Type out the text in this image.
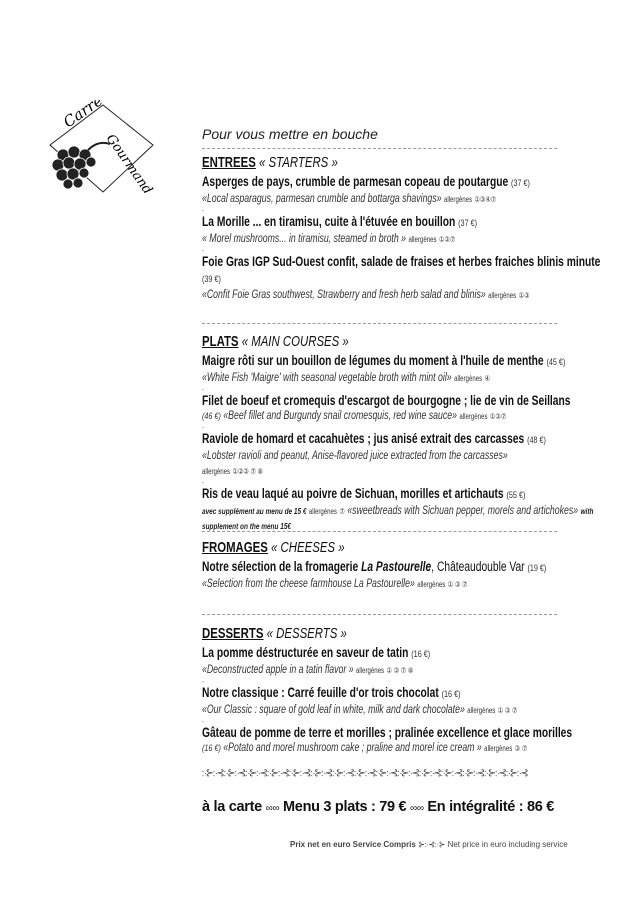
Carré
Gourmand	Pour vous mettre en bouche
ENTREES « STARTERS »
Asperges de pays, crumble de parmesan copeau de poutargue (37 €)
«Local asparagus, parmesan crumble and bottarga shavings» allergènes ①③④⑦
-
La Morille ... en tiramisu, cuite à l'étuvée en bouillon (37 €)
« Morel mushrooms... in tiramisu, steamed in broth » allergènes ①③⑦
-
Foie Gras IGP Sud-Ouest confit, salade de fraises et herbes fraiches blinis minute (39 €)
«Confit Foie Gras southwest, Strawberry and fresh herb salad and blinis» allergènes ①③
PLATS « MAIN COURSES »
Maigre rôti sur un bouillon de légumes du moment à l'huile de menthe (45 €)
«White Fish 'Maigre' with seasonal vegetable broth with mint oil» allergènes ④
-
Filet de boeuf et cromequis d'escargot de bourgogne ; lie de vin de Seillans
(46 €) «Beef fillet and Burgundy snail cromesquis, red wine sauce» allergènes ①③⑦
-
Raviole de homard et cacahuètes ; jus anisé extrait des carcasses (48 €)
«Lobster ravioli and peanut, Anise-flavored juice extracted from the carcasses»
allergènes ①②③ ⑦ ⑧
-
Ris de veau laqué au poivre de Sichuan, morilles et artichauts (55 €)
avec supplément au menu de 15 € allergènes ⑦ «sweetbreads with Sichuan pepper, morels and artichokes» with supplement on the menu 15€
FROMAGES « CHEESES »
Notre sélection de la fromagerie La Pastourelle, Châteaudouble Var (19 €)
«Selection from the cheese farmhouse La Pastourelle» allergènes ① ③ ⑦
DESSERTS « DESSERTS »
La pomme déstructurée en saveur de tatin (16 €)
«Deconstructed apple in a tatin flavor » allergènes ① ③ ⑦ ⑧
-
Notre classique : Carré feuille d'or trois chocolat (16 €)
«Our Classic : square of gold leaf in white, milk and dark chocolate» allergènes ① ③ ⑦
-
Gâteau de pomme de terre et morilles ; pralinée excellence et glace morilles
(16 €) «Potato and morel mushroom cake ; praline and morel ice cream » allergènes ③ ⑦
჻⊱჻⊰჻⊱჻⊰჻⊱჻⊰჻⊱჻⊰჻⊱჻⊰჻⊱჻⊰჻⊱჻⊰჻⊱჻⊰჻⊱჻⊰჻⊱჻⊰჻⊱჻⊰჻⊱჻⊰჻⊱჻⊰჻⊱჻⊰჻⊱჻⊰
à la carte ∞∞ Menu 3 plats : 79 € ∞∞ En intégralité : 86 €
Prix net en euro Service Compris ⊱჻⊰჻⊱ Net price in euro including service
